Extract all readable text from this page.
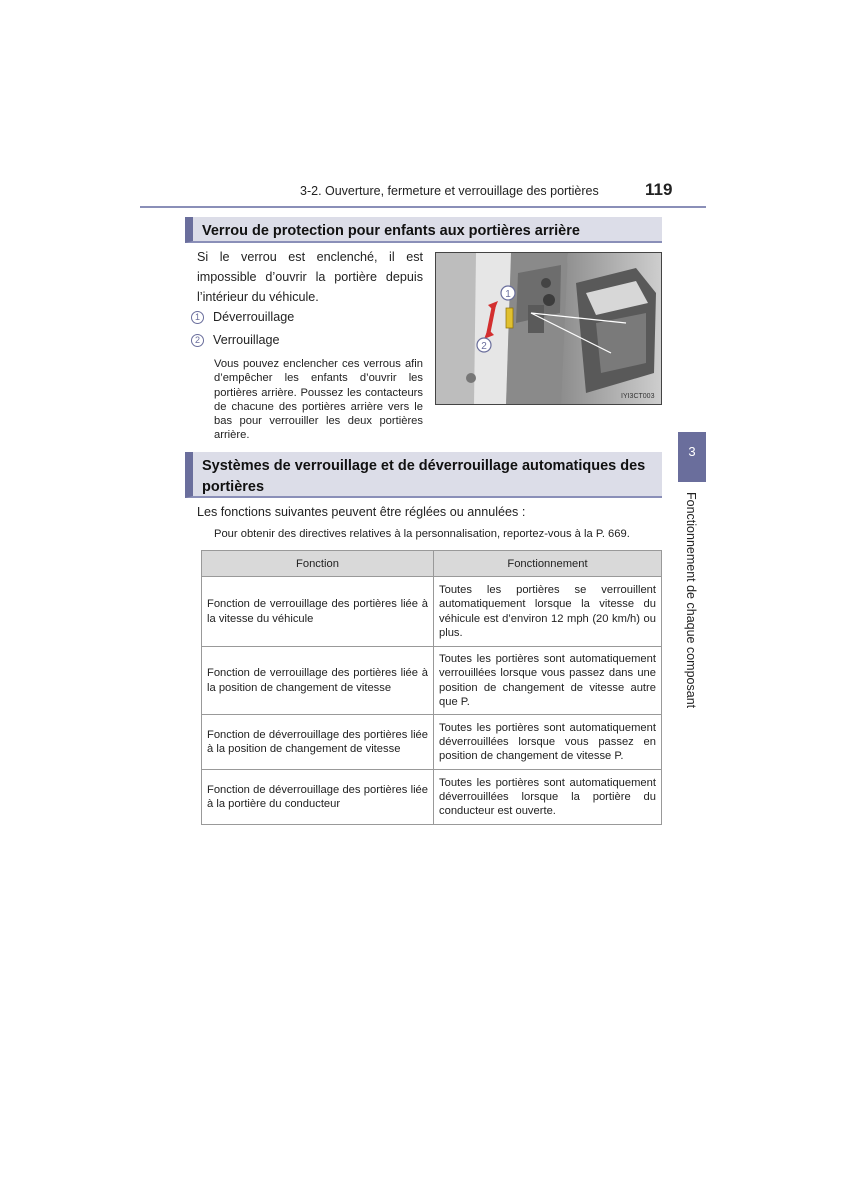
3-2. Ouverture, fermeture et verrouillage des portières	119
Verrou de protection pour enfants aux portières arrière
Si le verrou est enclenché, il est impossible d’ouvrir la portière depuis l’intérieur du véhicule.
1	Déverrouillage
2	Verrouillage
Vous pouvez enclencher ces verrous afin d’empêcher les enfants d’ouvrir les portières arrière. Poussez les contacteurs de chacune des portières arrière vers le bas pour verrouiller les deux portières arrière.
1
2
IYI3CT003
Systèmes de verrouillage et de déverrouillage automatiques des portières
Les fonctions suivantes peuvent être réglées ou annulées :
Pour obtenir des directives relatives à la personnalisation, reportez-vous à la P. 669.
Fonction	Fonctionnement
Fonction de verrouillage des portières liée à la vitesse du véhicule	Toutes les portières se verrouillent automatiquement lorsque la vitesse du véhicule est d’environ 12 mph (20 km/h) ou plus.
Fonction de verrouillage des portières liée à la position de changement de vitesse	Toutes les portières sont automatiquement verrouillées lorsque vous passez dans une position de changement de vitesse autre que P.
Fonction de déverrouillage des portières liée à la position de changement de vitesse	Toutes les portières sont automatiquement déverrouillées lorsque vous passez en position de changement de vitesse P.
Fonction de déverrouillage des portières liée à la portière du conducteur	Toutes les portières sont automatiquement déverrouillées lorsque la portière du conducteur est ouverte.
3
Fonctionnement de chaque composant
